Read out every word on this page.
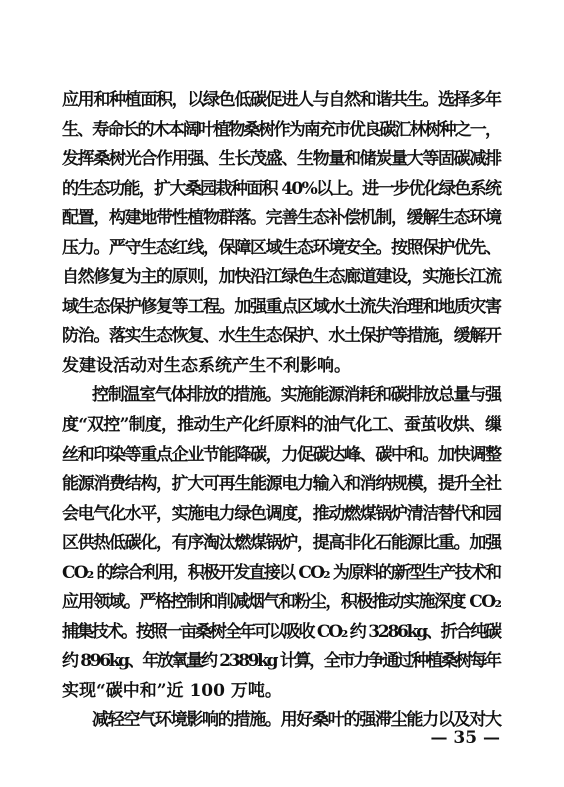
应用和种植面积，以绿色低碳促进人与自然和谐共生。选择多年
生、寿命长的木本阔叶植物桑树作为南充市优良碳汇林树种之一，
发挥桑树光合作用强、生长茂盛、生物量和储炭量大等固碳减排
的生态功能，扩大桑园栽种面积 40%以上。进一步优化绿色系统
配置，构建地带性植物群落。完善生态补偿机制，缓解生态环境
压力。严守生态红线，保障区域生态环境安全。按照保护优先、
自然修复为主的原则，加快沿江绿色生态廊道建设，实施长江流
域生态保护修复等工程。加强重点区域水土流失治理和地质灾害
防治。落实生态恢复、水生生态保护、水土保护等措施，缓解开
发建设活动对生态系统产生不利影响。
控制温室气体排放的措施。实施能源消耗和碳排放总量与强
度“双控”制度，推动生产化纤原料的油气化工、蚕茧收烘、缫
丝和印染等重点企业节能降碳，力促碳达峰、碳中和。加快调整
能源消费结构，扩大可再生能源电力输入和消纳规模，提升全社
会电气化水平，实施电力绿色调度，推动燃煤锅炉清洁替代和园
区供热低碳化，有序淘汰燃煤锅炉，提高非化石能源比重。加强
CO₂ 的综合利用，积极开发直接以 CO₂ 为原料的新型生产技术和
应用领域。严格控制和削减烟气和粉尘，积极推动实施深度 CO₂
捕集技术。按照一亩桑树全年可以吸收 CO₂ 约 3286kg、折合纯碳
约 896kg、年放氧量约 2389kg 计算，全市力争通过种植桑树每年
实现“碳中和”近 100 万吨。
减轻空气环境影响的措施。用好桑叶的强滞尘能力以及对大
— 35 —
